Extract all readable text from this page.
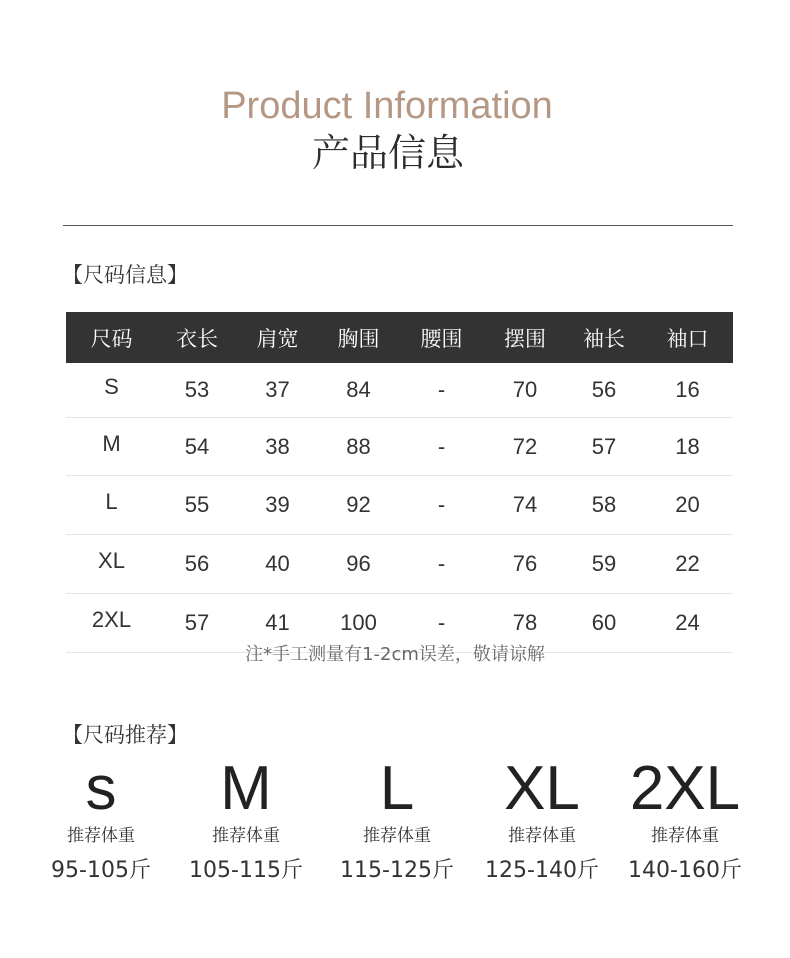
Product Information
产品信息
【尺码信息】
尺码	衣长	肩宽	胸围	腰围	摆围	袖长	袖口
S	53	37	84	-	70	56	16
M	54	38	88	-	72	57	18
L	55	39	92	-	74	58	20
XL	56	40	96	-	76	59	22
2XL	57	41	100	-	78	60	24
注*手工测量有1-2cm误差，敬请谅解
【尺码推荐】
s
推荐体重
95-105斤
M
推荐体重
105-115斤
L
推荐体重
115-125斤
XL
推荐体重
125-140斤
2XL
推荐体重
140-160斤
